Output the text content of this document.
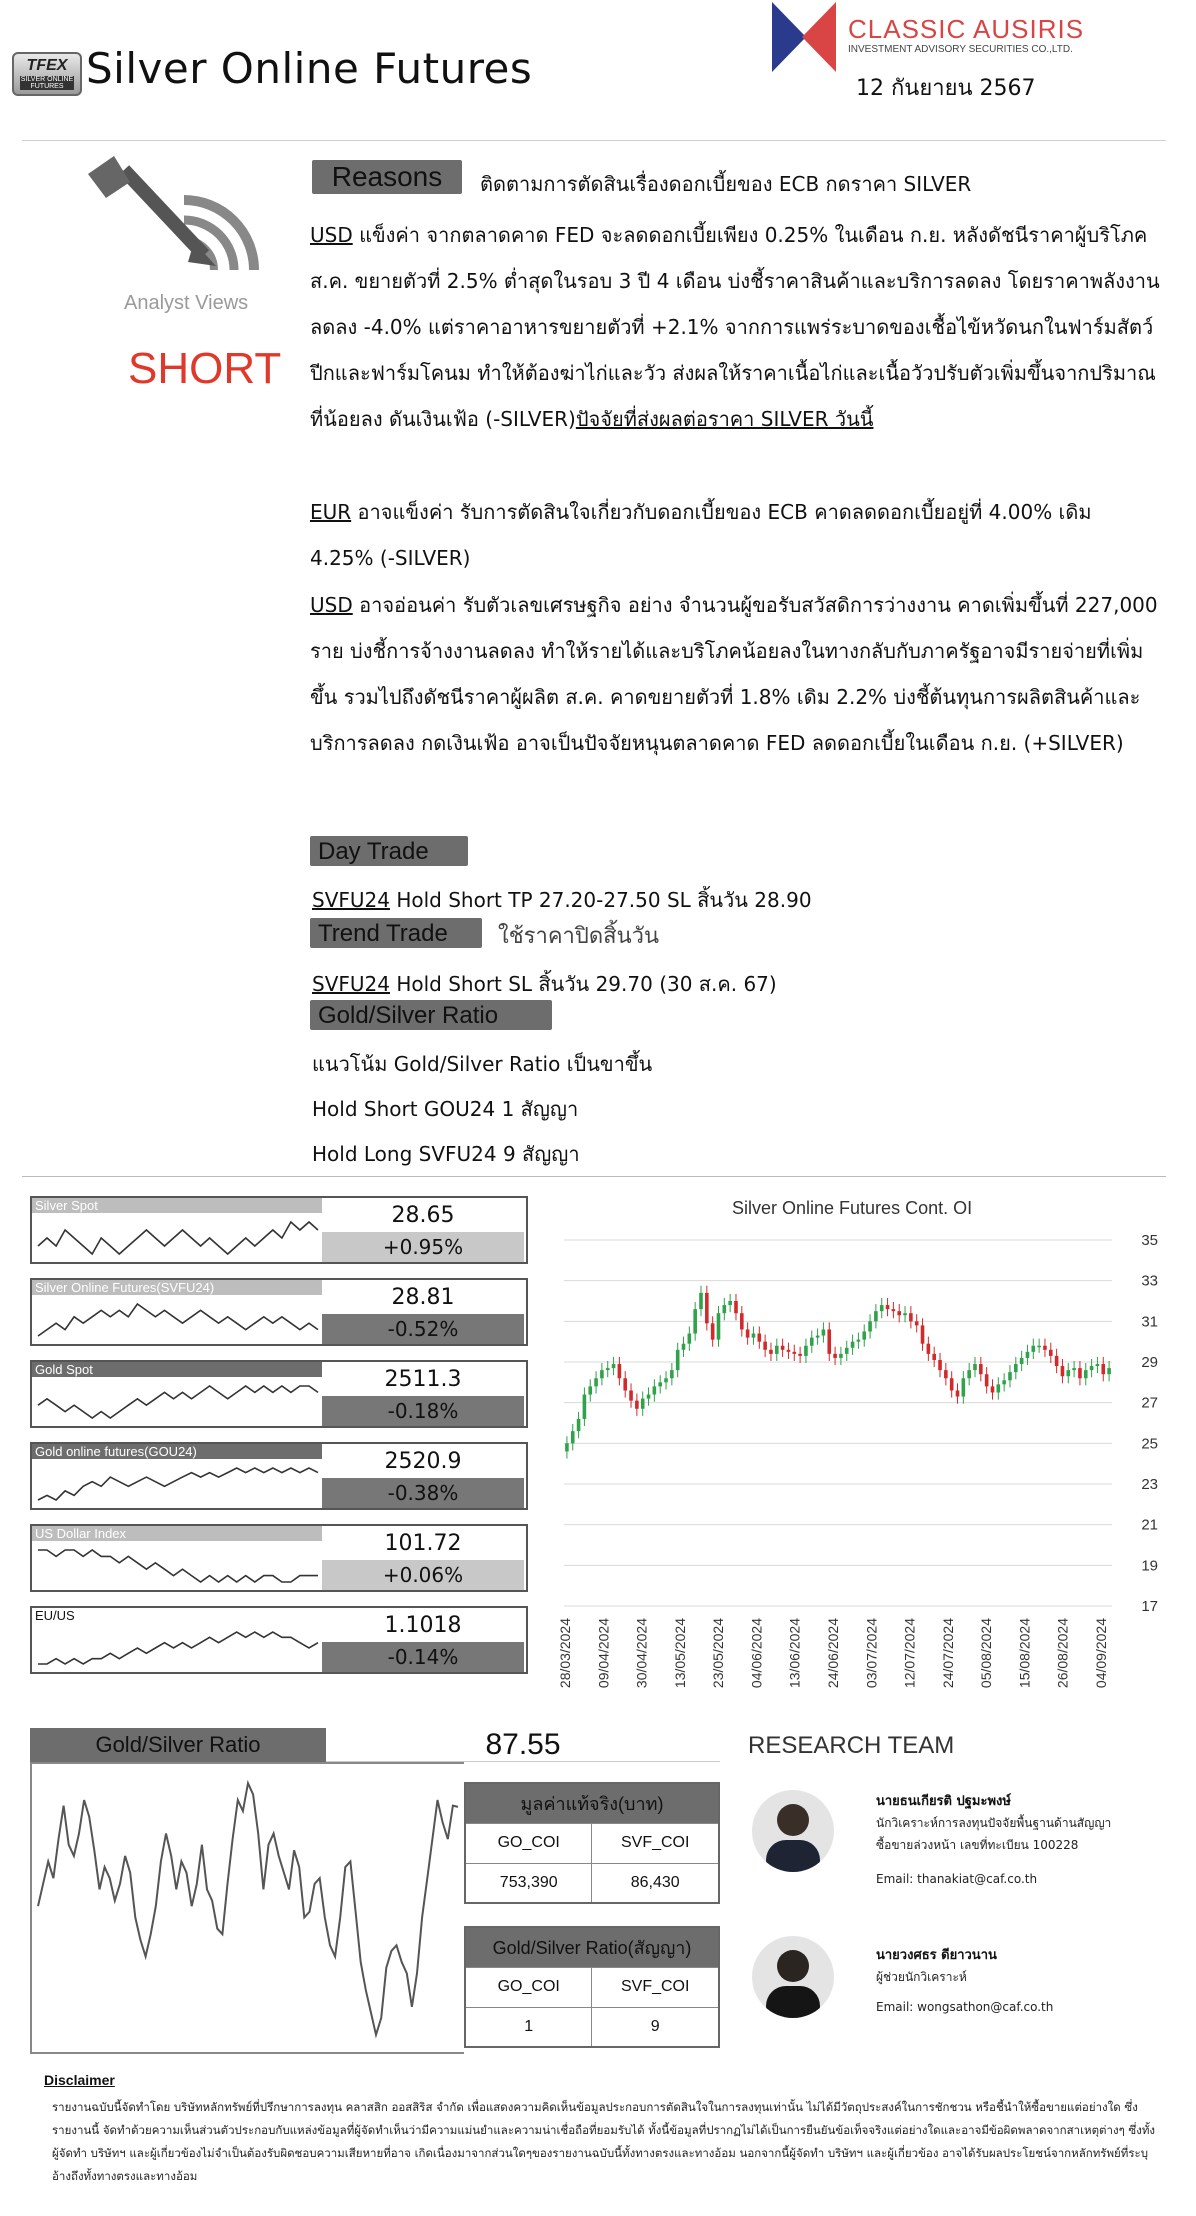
TFEX
SILVER ONLINE FUTURES Silver Online Futures
CLASSIC AUSIRIS
INVESTMENT ADVISORY SECURITIES CO.,LTD.
12 กันยายน 2567
Analyst Views
SHORT
Reasons	ติดตามการตัดสินเรื่องดอกเบี้ยของ ECB กดราคา SILVER
USD แข็งค่า จากตลาดคาด FED จะลดดอกเบี้ยเพียง 0.25% ในเดือน ก.ย. หลังดัชนีราคาผู้บริโภค ส.ค. ขยายตัวที่ 2.5% ต่ำสุดในรอบ 3 ปี 4 เดือน บ่งชี้ราคาสินค้าและบริการลดลง โดยราคาพลังงานลดลง -4.0% แต่ราคาอาหารขยายตัวที่ +2.1% จากการแพร่ระบาดของเชื้อไข้หวัดนกในฟาร์มสัตว์ปีกและฟาร์มโคนม ทำให้ต้องฆ่าไก่และวัว ส่งผลให้ราคาเนื้อไก่และเนื้อวัวปรับตัวเพิ่มขึ้นจากปริมาณที่น้อยลง ดันเงินเฟ้อ (-SILVER)ปัจจัยที่ส่งผลต่อราคา SILVER วันนี้
EUR อาจแข็งค่า รับการตัดสินใจเกี่ยวกับดอกเบี้ยของ ECB คาดลดดอกเบี้ยอยู่ที่ 4.00% เดิม 4.25% (-SILVER)
USD อาจอ่อนค่า รับตัวเลขเศรษฐกิจ อย่าง จำนวนผู้ขอรับสวัสดิการว่างงาน คาดเพิ่มขึ้นที่ 227,000 ราย บ่งชี้การจ้างงานลดลง ทำให้รายได้และบริโภคน้อยลงในทางกลับกับภาครัฐอาจมีรายจ่ายที่เพิ่มขึ้น รวมไปถึงดัชนีราคาผู้ผลิต ส.ค. คาดขยายตัวที่ 1.8% เดิม 2.2% บ่งชี้ต้นทุนการผลิตสินค้าและบริการลดลง กดเงินเฟ้อ อาจเป็นปัจจัยหนุนตลาดคาด FED ลดดอกเบี้ยในเดือน ก.ย. (+SILVER)
Day Trade
SVFU24 Hold Short TP 27.20-27.50 SL สิ้นวัน 28.90
Trend Trade	ใช้ราคาปิดสิ้นวัน
SVFU24 Hold Short SL สิ้นวัน 29.70 (30 ส.ค. 67)
Gold/Silver Ratio
แนวโน้ม Gold/Silver Ratio เป็นขาขึ้น
Hold Short GOU24 1 สัญญา
Hold Long SVFU24 9 สัญญา
Silver Spot	28.65
+0.95%
Silver Online Futures(SVFU24)	28.81
-0.52%
Gold Spot	2511.3
-0.18%
Gold online futures(GOU24)	2520.9
-0.38%
US Dollar Index	101.72
+0.06%
EU/US	1.1018
-0.14%
Silver Online Futures Cont. OI
35
33
31
29
27
25
23
21
19
17
28/03/2024 09/04/2024 30/04/2024 13/05/2024 23/05/2024 04/06/2024 13/06/2024 24/06/2024 03/07/2024 12/07/2024 24/07/2024 05/08/2024 15/08/2024 26/08/2024 04/09/2024
Gold/Silver Ratio	87.55
มูลค่าแท้จริง(บาท)	
GO_COI	SVF_COI
753,390	86,430
Gold/Silver Ratio(สัญญา)	
GO_COI	SVF_COI
1	9
RESEARCH TEAM
นายธนเกียรติ ปฐมะพงษ์
นักวิเคราะห์การลงทุนปัจจัยพื้นฐานด้านสัญญา
ซื้อขายล่วงหน้า เลขที่ทะเบียน 100228
Email: thanakiat@caf.co.th
นายวงศธร ดียาวนาน
ผู้ช่วยนักวิเคราะห์
Email: wongsathon@caf.co.th
Disclaimer
รายงานฉบับนี้จัดทำโดย บริษัทหลักทรัพย์ที่ปรึกษาการลงทุน คลาสสิก ออสสิริส จำกัด เพื่อแสดงความคิดเห็นข้อมูลประกอบการตัดสินใจในการลงทุนเท่านั้น ไม่ได้มีวัตถุประสงค์ในการชักชวน หรือชี้นำให้ซื้อขายแต่อย่างใด ซึ่งรายงานนี้ จัดทำด้วยความเห็นส่วนตัวประกอบกับแหล่งข้อมูลที่ผู้จัดทำเห็นว่ามีความแม่นยำและความน่าเชื่อถือที่ยอมรับได้ ทั้งนี้ข้อมูลที่ปรากฏไม่ได้เป็นการยืนยันข้อเท็จจริงแต่อย่างใดและอาจมีข้อผิดพลาดจากสาเหตุต่างๆ ซึ่งทั้งผู้จัดทำ บริษัทฯ และผู้เกี่ยวข้องไม่จำเป็นต้องรับผิดชอบความเสียหายที่อาจ เกิดเนื่องมาจากส่วนใดๆของรายงานฉบับนี้ทั้งทางตรงและทางอ้อม นอกจากนี้ผู้จัดทำ บริษัทฯ และผู้เกี่ยวข้อง อาจได้รับผลประโยชน์จากหลักทรัพย์ที่ระบุอ้างถึงทั้งทางตรงและทางอ้อม
